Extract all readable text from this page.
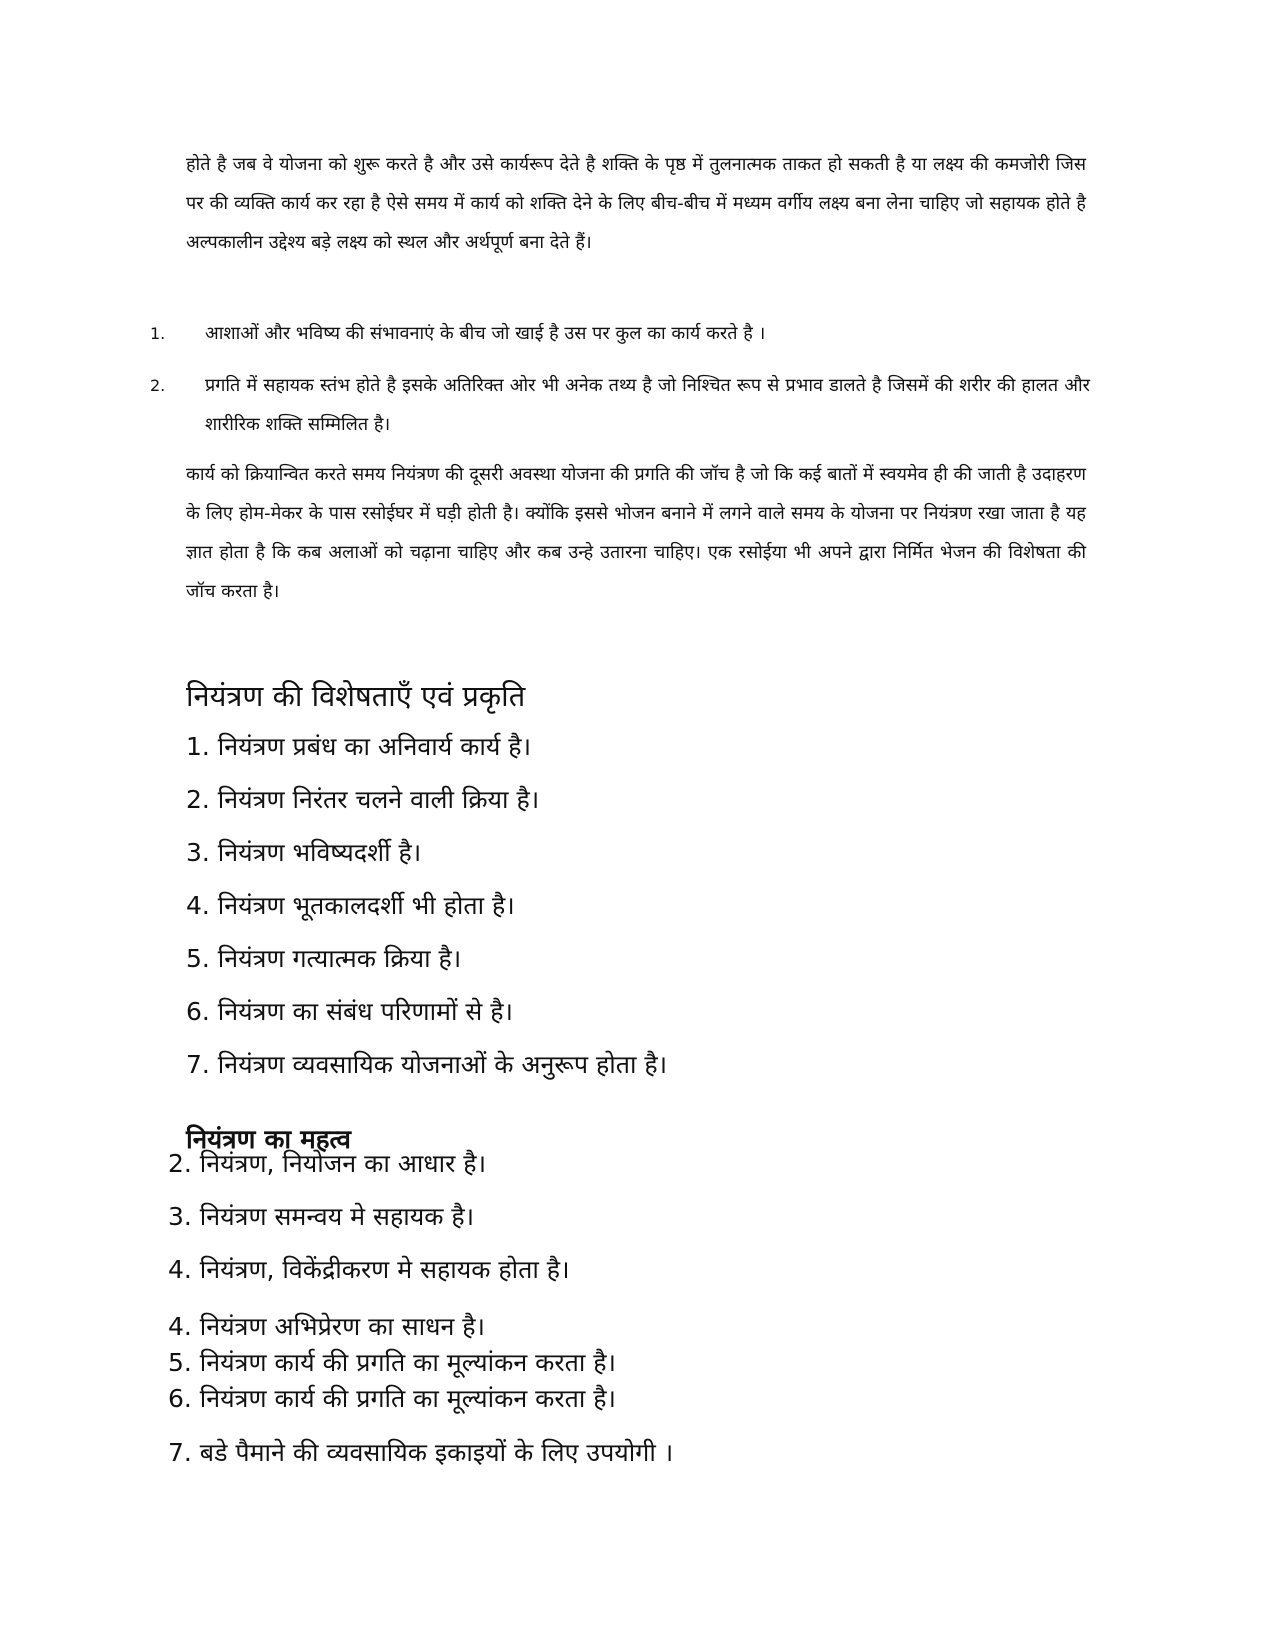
होते है जब वे योजना को शुरू करते है और उसे कार्यरूप देते है शक्ति के पृष्ठ में तुलनात्मक ताकत हो सकती है या लक्ष्य की कमजोरी जिस पर की व्यक्ति कार्य कर रहा है ऐसे समय में कार्य को शक्ति देने के लिए बीच-बीच में मध्यम वर्गीय लक्ष्य बना लेना चाहिए जो सहायक होते है अल्पकालीन उद्देश्य बड़े लक्ष्य को स्थल और अर्थपूर्ण बना देते हैं।

1.	आशाओं और भविष्य की संभावनाएं के बीच जो खाई है उस पर कुल का कार्य करते है ।
2.	प्रगति में सहायक स्तंभ होते है इसके अतिरिक्त ओर भी अनेक तथ्य है जो निश्चित रूप से प्रभाव डालते है जिसमें की शरीर की हालत और शारीरिक शक्ति सम्मिलित है।

कार्य को क्रियान्वित करते समय नियंत्रण की दूसरी अवस्था योजना की प्रगति की जॉच है जो कि कई बातों में स्वयमेव ही की जाती है उदाहरण के लिए होम-मेकर के पास रसोईघर में घड़ी होती है। क्योंकि इससे भोजन बनाने में लगने वाले समय के योजना पर नियंत्रण रखा जाता है यह ज्ञात होता है कि कब अलाओं को चढ़ाना चाहिए और कब उन्हे उतारना चाहिए। एक रसोईया भी अपने द्वारा निर्मित भेजन की विशेषता की जॉच करता है।

नियंत्रण की विशेषताएँ एवं प्रकृति
1. नियंत्रण प्रबंध का अनिवार्य कार्य है।
2. नियंत्रण निरंतर चलने वाली क्रिया है।
3. नियंत्रण भविष्यदर्शी है।
4. नियंत्रण भूतकालदर्शी भी होता है।
5. नियंत्रण गत्यात्मक क्रिया है।
6. नियंत्रण का संबंध परिणामों से है।
7. नियंत्रण व्यवसायिक योजनाओं के अनुरूप होता है।
नियंत्रण का महत्व
2. नियंत्रण, नियोजन का आधार है।
3. नियंत्रण समन्वय मे सहायक है।
4. नियंत्रण, विकेंद्रीकरण मे सहायक होता है।
4. नियंत्रण अभिप्रेरण का साधन है।
5. नियंत्रण कार्य की प्रगति का मूल्यांकन करता है।
6. नियंत्रण कार्य की प्रगति का मूल्यांकन करता है।
7. बडे पैमाने की व्यवसायिक इकाइयों के लिए उपयोगी ।
